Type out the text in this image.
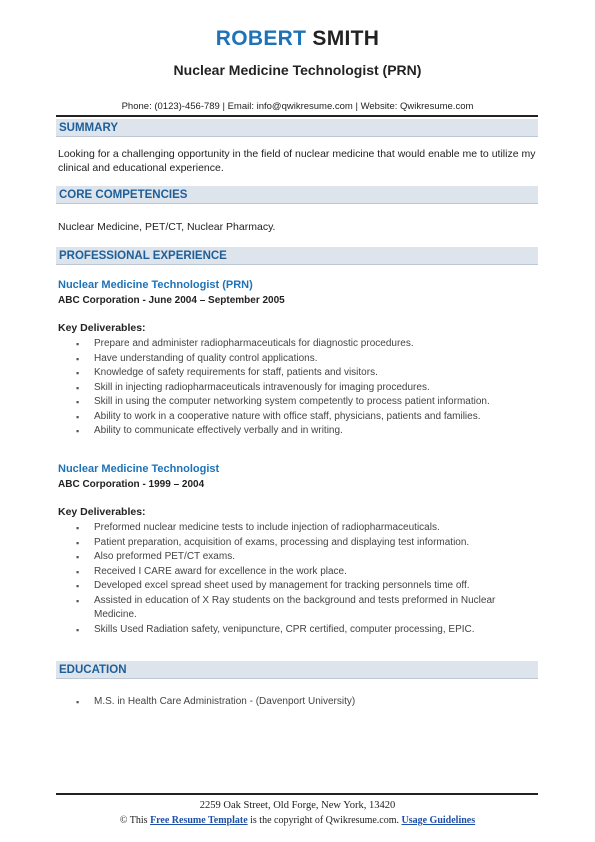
ROBERT SMITH
Nuclear Medicine Technologist (PRN)
Phone: (0123)-456-789 | Email: info@qwikresume.com | Website: Qwikresume.com
SUMMARY
Looking for a challenging opportunity in the field of nuclear medicine that would enable me to utilize my clinical and educational experience.
CORE COMPETENCIES
Nuclear Medicine, PET/CT, Nuclear Pharmacy.
PROFESSIONAL EXPERIENCE
Nuclear Medicine Technologist (PRN)
ABC Corporation - June 2004 – September 2005
Key Deliverables:
▪ Prepare and administer radiopharmaceuticals for diagnostic procedures.
▪ Have understanding of quality control applications.
▪ Knowledge of safety requirements for staff, patients and visitors.
▪ Skill in injecting radiopharmaceuticals intravenously for imaging procedures.
▪ Skill in using the computer networking system competently to process patient information.
▪ Ability to work in a cooperative nature with office staff, physicians, patients and families.
▪ Ability to communicate effectively verbally and in writing.
Nuclear Medicine Technologist
ABC Corporation - 1999 – 2004
Key Deliverables:
▪ Preformed nuclear medicine tests to include injection of radiopharmaceuticals.
▪ Patient preparation, acquisition of exams, processing and displaying test information.
▪ Also preformed PET/CT exams.
▪ Received I CARE award for excellence in the work place.
▪ Developed excel spread sheet used by management for tracking personnels time off.
▪ Assisted in education of X Ray students on the background and tests preformed in Nuclear Medicine.
▪ Skills Used Radiation safety, venipuncture, CPR certified, computer processing, EPIC.
EDUCATION
▪ M.S. in Health Care Administration - (Davenport University)
2259 Oak Street, Old Forge, New York, 13420
© This Free Resume Template is the copyright of Qwikresume.com. Usage Guidelines
